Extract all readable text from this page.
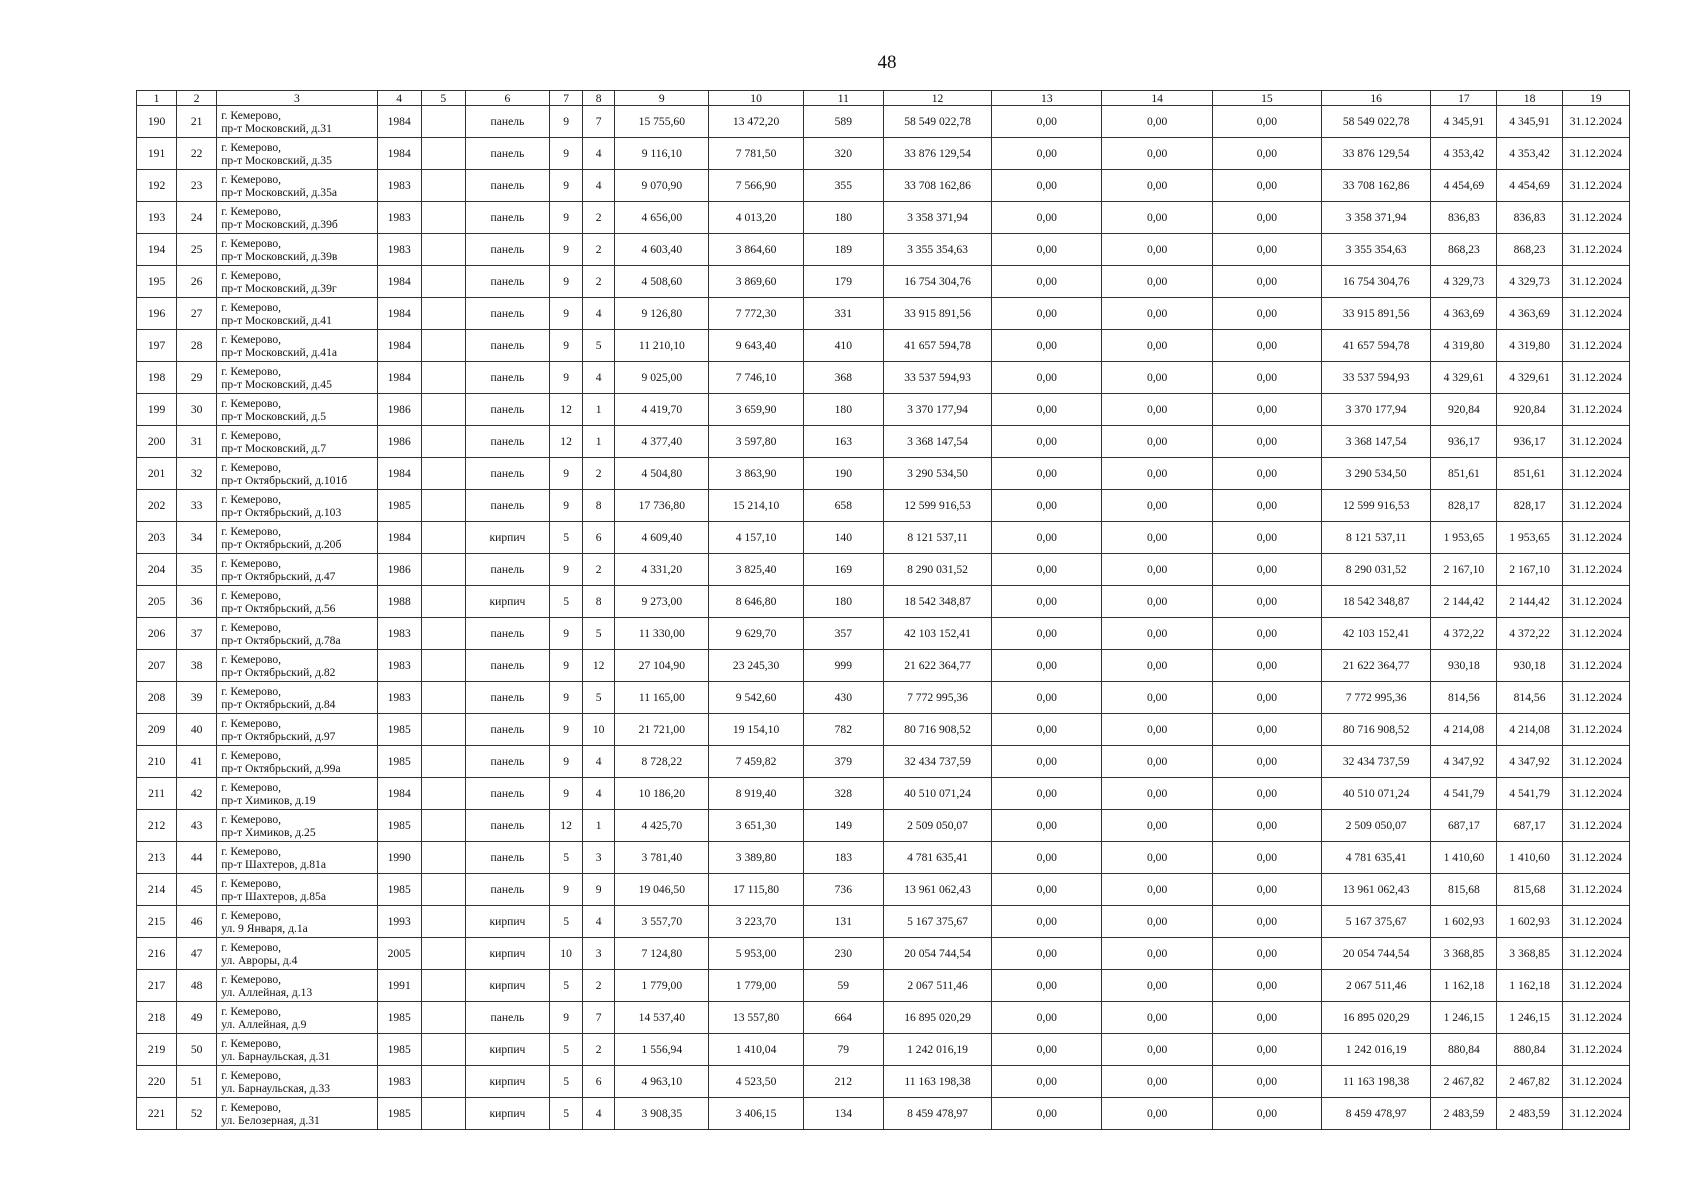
48
1	2	3	4	5	6	7	8	9	10	11	12	13	14	15	16	17	18	19
190	21	г. Кемерово,
пр-т Московский, д.31	1984		панель	9	7	15 755,60	13 472,20	589	58 549 022,78	0,00	0,00	0,00	58 549 022,78	4 345,91	4 345,91	31.12.2024
191	22	г. Кемерово,
пр-т Московский, д.35	1984		панель	9	4	9 116,10	7 781,50	320	33 876 129,54	0,00	0,00	0,00	33 876 129,54	4 353,42	4 353,42	31.12.2024
192	23	г. Кемерово,
пр-т Московский, д.35а	1983		панель	9	4	9 070,90	7 566,90	355	33 708 162,86	0,00	0,00	0,00	33 708 162,86	4 454,69	4 454,69	31.12.2024
193	24	г. Кемерово,
пр-т Московский, д.39б	1983		панель	9	2	4 656,00	4 013,20	180	3 358 371,94	0,00	0,00	0,00	3 358 371,94	836,83	836,83	31.12.2024
194	25	г. Кемерово,
пр-т Московский, д.39в	1983		панель	9	2	4 603,40	3 864,60	189	3 355 354,63	0,00	0,00	0,00	3 355 354,63	868,23	868,23	31.12.2024
195	26	г. Кемерово,
пр-т Московский, д.39г	1984		панель	9	2	4 508,60	3 869,60	179	16 754 304,76	0,00	0,00	0,00	16 754 304,76	4 329,73	4 329,73	31.12.2024
196	27	г. Кемерово,
пр-т Московский, д.41	1984		панель	9	4	9 126,80	7 772,30	331	33 915 891,56	0,00	0,00	0,00	33 915 891,56	4 363,69	4 363,69	31.12.2024
197	28	г. Кемерово,
пр-т Московский, д.41а	1984		панель	9	5	11 210,10	9 643,40	410	41 657 594,78	0,00	0,00	0,00	41 657 594,78	4 319,80	4 319,80	31.12.2024
198	29	г. Кемерово,
пр-т Московский, д.45	1984		панель	9	4	9 025,00	7 746,10	368	33 537 594,93	0,00	0,00	0,00	33 537 594,93	4 329,61	4 329,61	31.12.2024
199	30	г. Кемерово,
пр-т Московский, д.5	1986		панель	12	1	4 419,70	3 659,90	180	3 370 177,94	0,00	0,00	0,00	3 370 177,94	920,84	920,84	31.12.2024
200	31	г. Кемерово,
пр-т Московский, д.7	1986		панель	12	1	4 377,40	3 597,80	163	3 368 147,54	0,00	0,00	0,00	3 368 147,54	936,17	936,17	31.12.2024
201	32	г. Кемерово,
пр-т Октябрьский, д.101б	1984		панель	9	2	4 504,80	3 863,90	190	3 290 534,50	0,00	0,00	0,00	3 290 534,50	851,61	851,61	31.12.2024
202	33	г. Кемерово,
пр-т Октябрьский, д.103	1985		панель	9	8	17 736,80	15 214,10	658	12 599 916,53	0,00	0,00	0,00	12 599 916,53	828,17	828,17	31.12.2024
203	34	г. Кемерово,
пр-т Октябрьский, д.20б	1984		кирпич	5	6	4 609,40	4 157,10	140	8 121 537,11	0,00	0,00	0,00	8 121 537,11	1 953,65	1 953,65	31.12.2024
204	35	г. Кемерово,
пр-т Октябрьский, д.47	1986		панель	9	2	4 331,20	3 825,40	169	8 290 031,52	0,00	0,00	0,00	8 290 031,52	2 167,10	2 167,10	31.12.2024
205	36	г. Кемерово,
пр-т Октябрьский, д.56	1988		кирпич	5	8	9 273,00	8 646,80	180	18 542 348,87	0,00	0,00	0,00	18 542 348,87	2 144,42	2 144,42	31.12.2024
206	37	г. Кемерово,
пр-т Октябрьский, д.78а	1983		панель	9	5	11 330,00	9 629,70	357	42 103 152,41	0,00	0,00	0,00	42 103 152,41	4 372,22	4 372,22	31.12.2024
207	38	г. Кемерово,
пр-т Октябрьский, д.82	1983		панель	9	12	27 104,90	23 245,30	999	21 622 364,77	0,00	0,00	0,00	21 622 364,77	930,18	930,18	31.12.2024
208	39	г. Кемерово,
пр-т Октябрьский, д.84	1983		панель	9	5	11 165,00	9 542,60	430	7 772 995,36	0,00	0,00	0,00	7 772 995,36	814,56	814,56	31.12.2024
209	40	г. Кемерово,
пр-т Октябрьский, д.97	1985		панель	9	10	21 721,00	19 154,10	782	80 716 908,52	0,00	0,00	0,00	80 716 908,52	4 214,08	4 214,08	31.12.2024
210	41	г. Кемерово,
пр-т Октябрьский, д.99а	1985		панель	9	4	8 728,22	7 459,82	379	32 434 737,59	0,00	0,00	0,00	32 434 737,59	4 347,92	4 347,92	31.12.2024
211	42	г. Кемерово,
пр-т Химиков, д.19	1984		панель	9	4	10 186,20	8 919,40	328	40 510 071,24	0,00	0,00	0,00	40 510 071,24	4 541,79	4 541,79	31.12.2024
212	43	г. Кемерово,
пр-т Химиков, д.25	1985		панель	12	1	4 425,70	3 651,30	149	2 509 050,07	0,00	0,00	0,00	2 509 050,07	687,17	687,17	31.12.2024
213	44	г. Кемерово,
пр-т Шахтеров, д.81а	1990		панель	5	3	3 781,40	3 389,80	183	4 781 635,41	0,00	0,00	0,00	4 781 635,41	1 410,60	1 410,60	31.12.2024
214	45	г. Кемерово,
пр-т Шахтеров, д.85а	1985		панель	9	9	19 046,50	17 115,80	736	13 961 062,43	0,00	0,00	0,00	13 961 062,43	815,68	815,68	31.12.2024
215	46	г. Кемерово,
ул. 9 Января, д.1а	1993		кирпич	5	4	3 557,70	3 223,70	131	5 167 375,67	0,00	0,00	0,00	5 167 375,67	1 602,93	1 602,93	31.12.2024
216	47	г. Кемерово,
ул. Авроры, д.4	2005		кирпич	10	3	7 124,80	5 953,00	230	20 054 744,54	0,00	0,00	0,00	20 054 744,54	3 368,85	3 368,85	31.12.2024
217	48	г. Кемерово,
ул. Аллейная, д.13	1991		кирпич	5	2	1 779,00	1 779,00	59	2 067 511,46	0,00	0,00	0,00	2 067 511,46	1 162,18	1 162,18	31.12.2024
218	49	г. Кемерово,
ул. Аллейная, д.9	1985		панель	9	7	14 537,40	13 557,80	664	16 895 020,29	0,00	0,00	0,00	16 895 020,29	1 246,15	1 246,15	31.12.2024
219	50	г. Кемерово,
ул. Барнаульская, д.31	1985		кирпич	5	2	1 556,94	1 410,04	79	1 242 016,19	0,00	0,00	0,00	1 242 016,19	880,84	880,84	31.12.2024
220	51	г. Кемерово,
ул. Барнаульская, д.33	1983		кирпич	5	6	4 963,10	4 523,50	212	11 163 198,38	0,00	0,00	0,00	11 163 198,38	2 467,82	2 467,82	31.12.2024
221	52	г. Кемерово,
ул. Белозерная, д.31	1985		кирпич	5	4	3 908,35	3 406,15	134	8 459 478,97	0,00	0,00	0,00	8 459 478,97	2 483,59	2 483,59	31.12.2024
